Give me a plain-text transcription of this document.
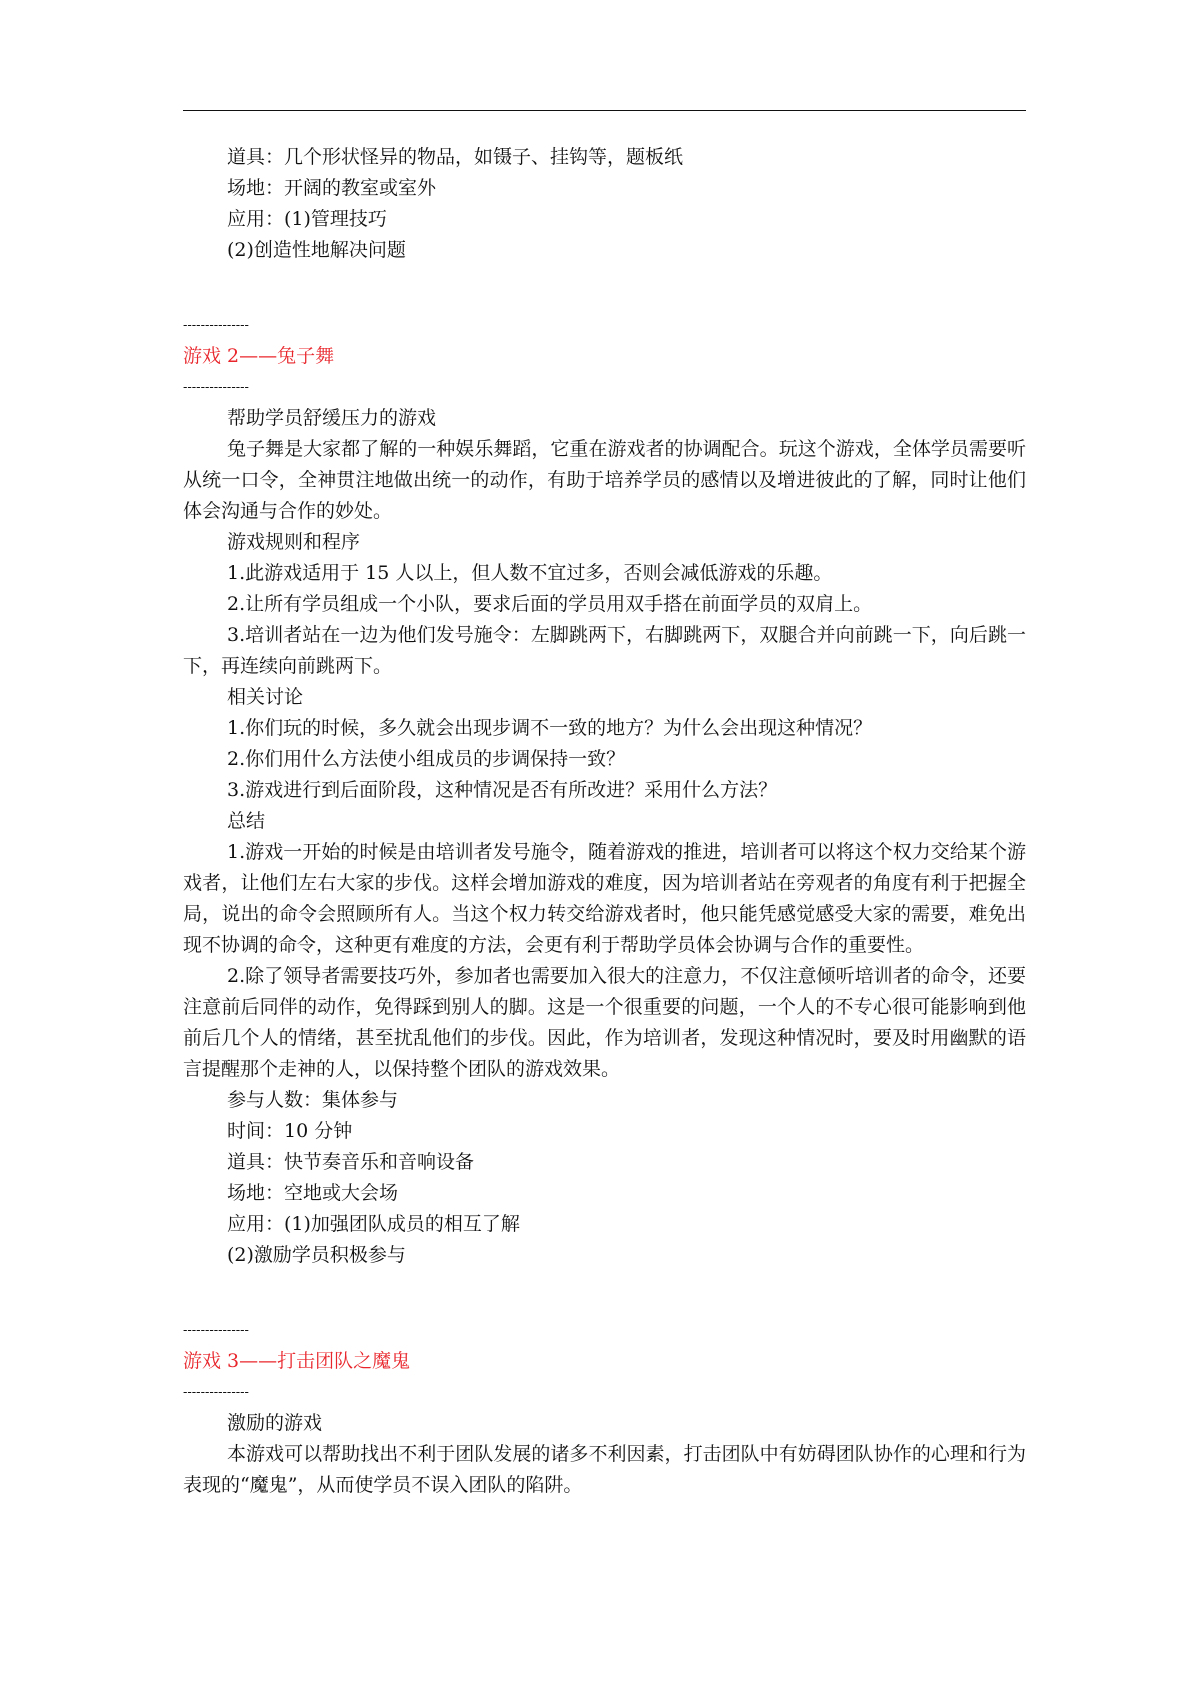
道具：几个形状怪异的物品，如镊子、挂钩等，题板纸

场地：开阔的教室或室外

应用：(1)管理技巧

(2)创造性地解决问题

---------------

游戏 2——兔子舞

---------------

帮助学员舒缓压力的游戏

兔子舞是大家都了解的一种娱乐舞蹈，它重在游戏者的协调配合。玩这个游戏，全体学员需要听从统一口令，全神贯注地做出统一的动作，有助于培养学员的感情以及增进彼此的了解，同时让他们体会沟通与合作的妙处。

游戏规则和程序

1.此游戏适用于 15 人以上，但人数不宜过多，否则会减低游戏的乐趣。

2.让所有学员组成一个小队，要求后面的学员用双手搭在前面学员的双肩上。

3.培训者站在一边为他们发号施令：左脚跳两下，右脚跳两下，双腿合并向前跳一下，向后跳一下，再连续向前跳两下。

相关讨论

1.你们玩的时候，多久就会出现步调不一致的地方？为什么会出现这种情况？

2.你们用什么方法使小组成员的步调保持一致？

3.游戏进行到后面阶段，这种情况是否有所改进？采用什么方法？

总结

1.游戏一开始的时候是由培训者发号施令，随着游戏的推进，培训者可以将这个权力交给某个游戏者，让他们左右大家的步伐。这样会增加游戏的难度，因为培训者站在旁观者的角度有利于把握全局，说出的命令会照顾所有人。当这个权力转交给游戏者时，他只能凭感觉感受大家的需要，难免出现不协调的命令，这种更有难度的方法，会更有利于帮助学员体会协调与合作的重要性。

2.除了领导者需要技巧外，参加者也需要加入很大的注意力，不仅注意倾听培训者的命令，还要注意前后同伴的动作，免得踩到别人的脚。这是一个很重要的问题，一个人的不专心很可能影响到他前后几个人的情绪，甚至扰乱他们的步伐。因此，作为培训者，发现这种情况时，要及时用幽默的语言提醒那个走神的人，以保持整个团队的游戏效果。

参与人数：集体参与

时间：10 分钟

道具：快节奏音乐和音响设备

场地：空地或大会场

应用：(1)加强团队成员的相互了解

(2)激励学员积极参与

---------------

游戏 3——打击团队之魔鬼

---------------

激励的游戏

本游戏可以帮助找出不利于团队发展的诸多不利因素，打击团队中有妨碍团队协作的心理和行为表现的“魔鬼”，从而使学员不误入团队的陷阱。
